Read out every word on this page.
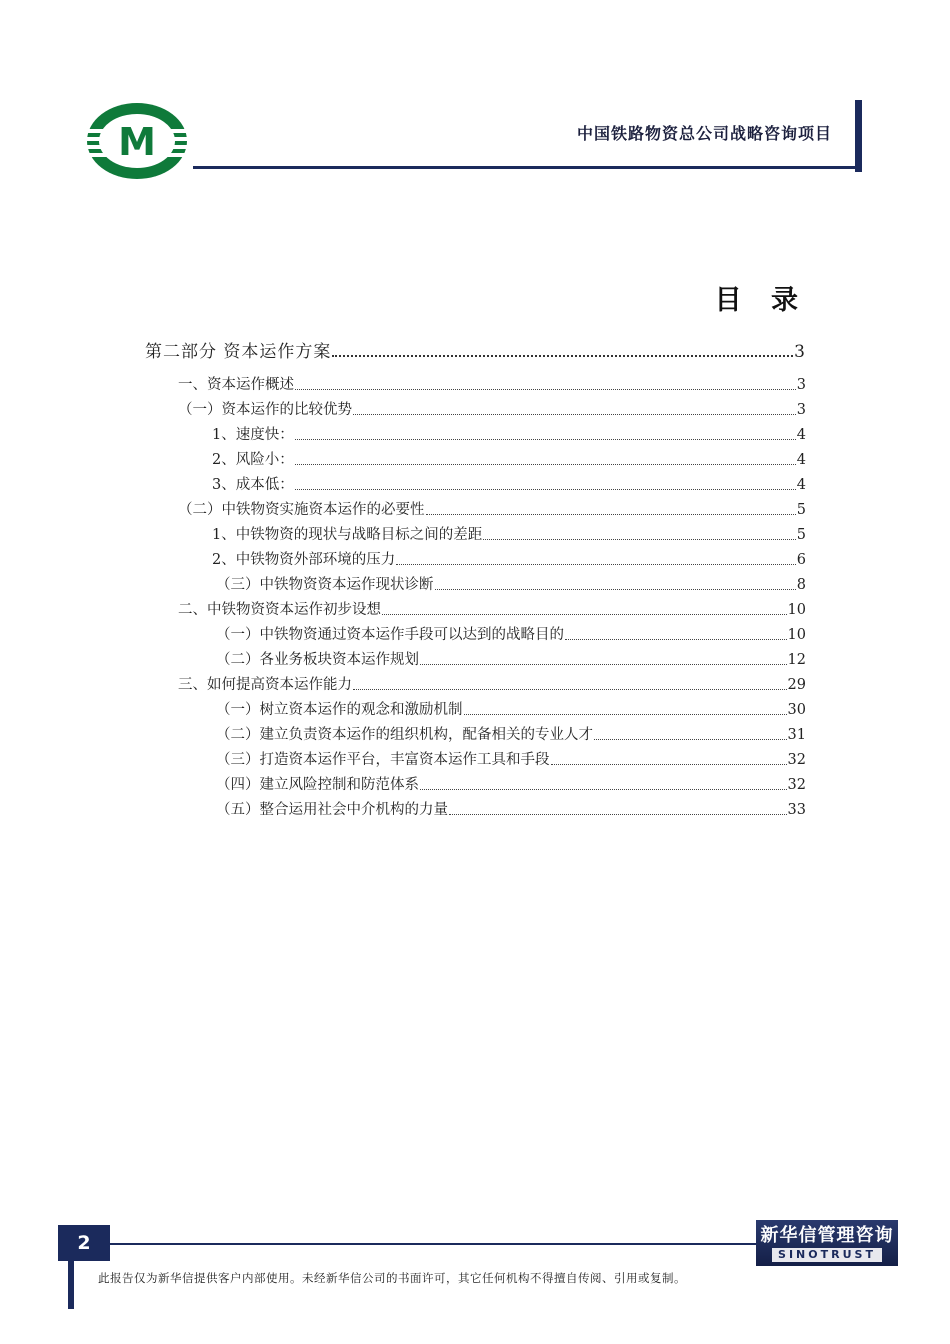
M	中国铁路物资总公司战略咨询项目
目 录
第二部分 资本运作方案	3
一、资本运作概述	3
（一）资本运作的比较优势	3
1、速度快：	4
2、风险小：	4
3、成本低：	4
（二）中铁物资实施资本运作的必要性	5
1、中铁物资的现状与战略目标之间的差距	5
2、中铁物资外部环境的压力	6
（三）中铁物资资本运作现状诊断	8
二、中铁物资资本运作初步设想	10
（一）中铁物资通过资本运作手段可以达到的战略目的	10
（二）各业务板块资本运作规划	12
三、如何提高资本运作能力	29
（一）树立资本运作的观念和激励机制	30
（二）建立负责资本运作的组织机构，配备相关的专业人才	31
（三）打造资本运作平台，丰富资本运作工具和手段	32
（四）建立风险控制和防范体系	32
（五）整合运用社会中介机构的力量	33
2
此报告仅为新华信提供客户内部使用。未经新华信公司的书面许可，其它任何机构不得擅自传阅、引用或复制。
新华信管理咨询
SINOTRUST
